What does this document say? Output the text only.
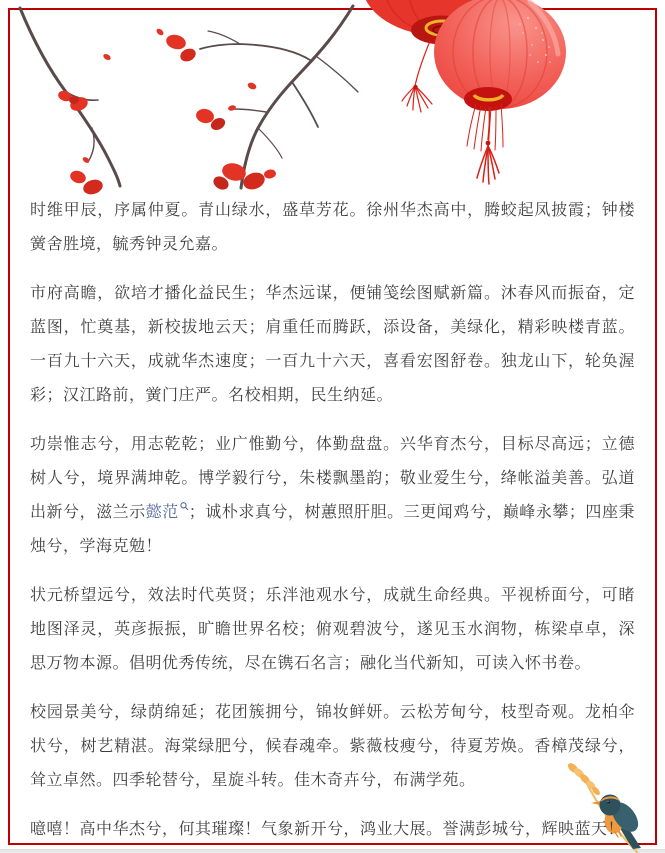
时维甲辰，序属仲夏。青山绿水，盛草芳花。徐州华杰高中，腾蛟起凤披霞；钟楼黉舍胜境，毓秀钟灵允嘉。

市府高瞻，欲培才播化益民生；华杰远谋，便铺笺绘图赋新篇。沐春风而振奋，定蓝图，忙奠基，新校拔地云天；肩重任而腾跃，添设备，美绿化，精彩映楼青蓝。一百九十六天，成就华杰速度；一百九十六天，喜看宏图舒卷。独龙山下，轮奂渥彩；汉江路前，黉门庄严。名校相期，民生纳延。

功崇惟志兮，用志乾乾；业广惟勤兮，体勤盘盘。兴华育杰兮，目标尽高远；立德树人兮，境界满坤乾。博学毅行兮，朱楼飘墨韵；敬业爱生兮，绛帐溢美善。弘道出新兮，滋兰示懿范 ；诚朴求真兮，树蕙照肝胆。三更闻鸡兮，巅峰永攀；四座秉烛兮，学海克勉！

状元桥望远兮，效法时代英贤；乐泮池观水兮，成就生命经典。平视桥面兮，可睹地图泽灵，英彦振振，旷瞻世界名校；俯观碧波兮，遂见玉水润物，栋梁卓卓，深思万物本源。倡明优秀传统，尽在镌石名言；融化当代新知，可读入怀书卷。

校园景美兮，绿荫绵延；花团簇拥兮，锦妆鲜妍。云松芳甸兮，枝型奇观。龙柏伞状兮，树艺精湛。海棠绿肥兮，候春魂牵。紫薇枝瘦兮，待夏芳焕。香樟茂绿兮，耸立卓然。四季轮替兮，星旋斗转。佳木奇卉兮，布满学苑。

噫嘻！高中华杰兮，何其璀璨！气象新开兮，鸿业大展。誉满彭城兮，辉映蓝天！
